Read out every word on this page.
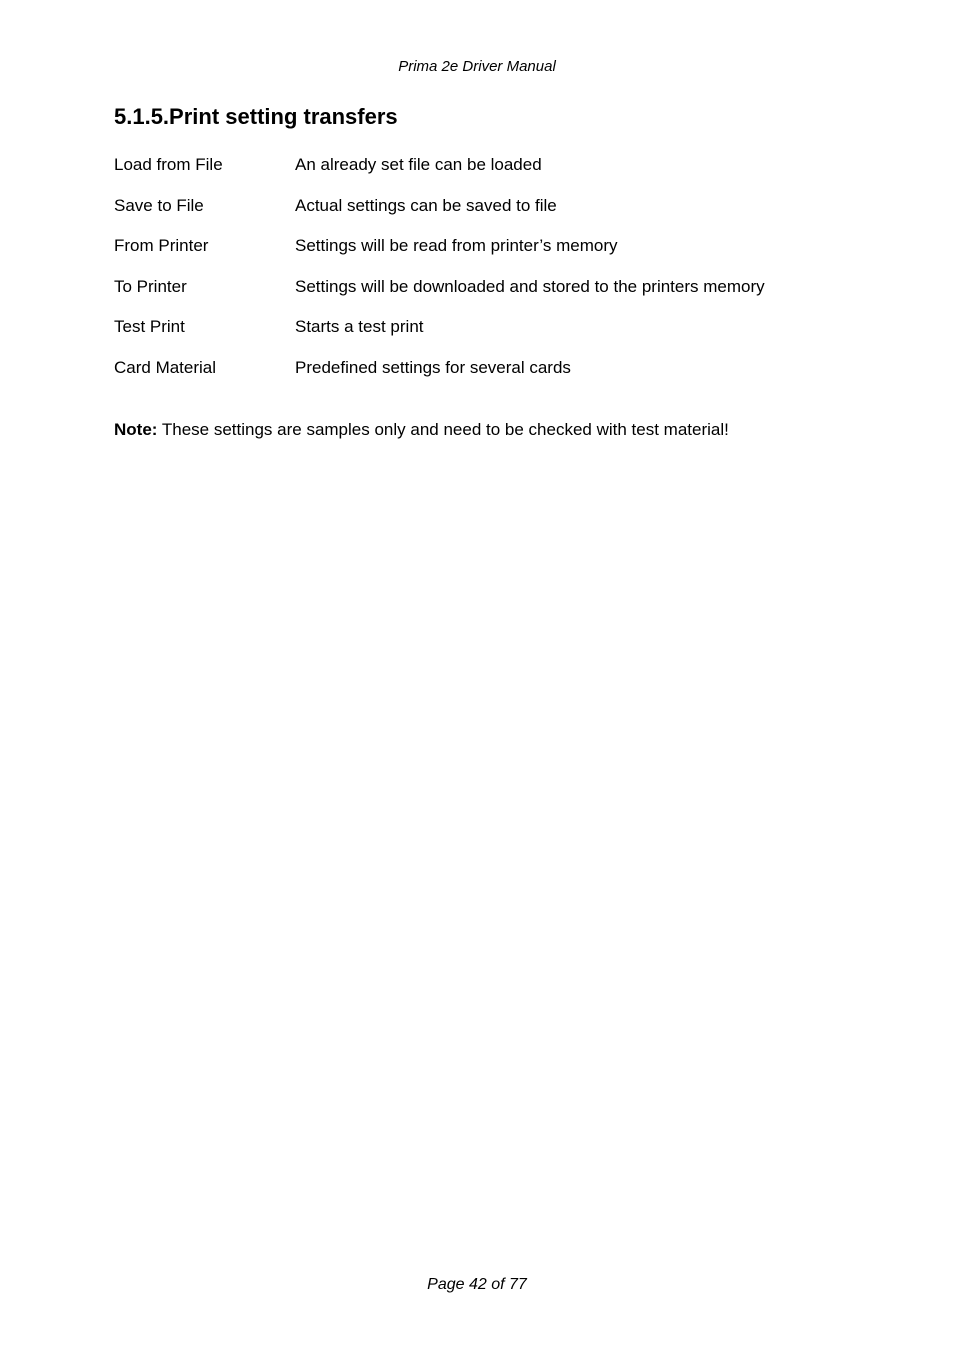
Prima 2e Driver Manual
5.1.5.Print setting transfers
Load from File	An already set file can be loaded
Save to File	Actual settings can be saved to file
From Printer	Settings will be read from printer’s memory
To Printer	Settings will be downloaded and stored to the printers memory
Test Print	Starts a test print
Card Material	Predefined settings for several cards

Note: These settings are samples only and need to be checked with test material!

Page 42 of 77
